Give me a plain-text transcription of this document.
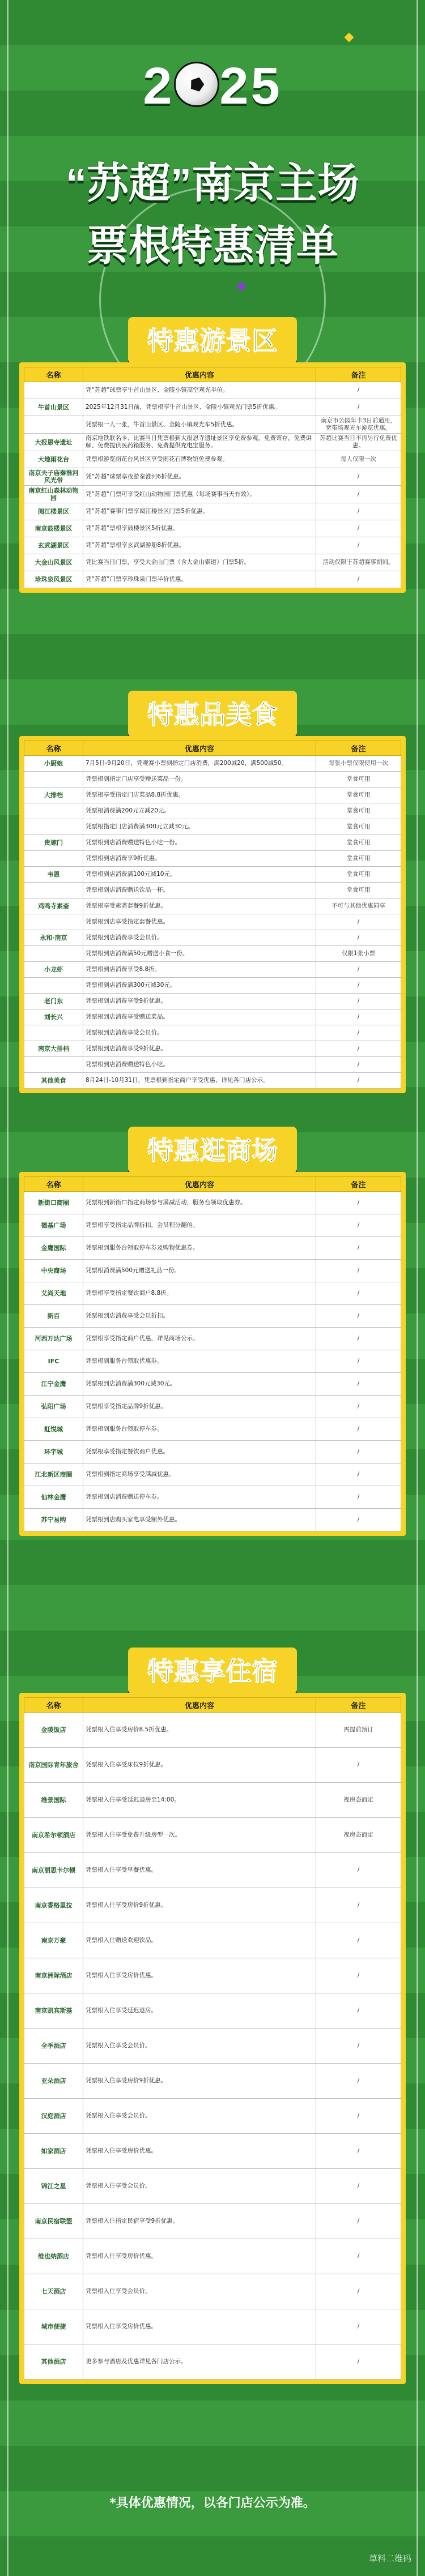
2 25
“苏超”南京主场
票根特惠清单
特惠游景区
名称	优惠内容	备注
	凭“苏超”球票享牛首山景区、金陵小镇高空观光半价。	/
牛首山景区	2025年12月31日前，凭票根享牛首山景区、金陵小镇观光门票5折优惠。	/
	凭票根一人一张，牛首山景区、金陵小镇观光车5折优惠。	南京市公园年卡3日前通用，宽带场观光车游览优惠。
大报恩寺遗址	南京地铁联名卡、比赛当日凭票根到大报恩寺遗址景区享免费参观，免费寄存，免费讲解、免费提供医药箱服务、免费提供充电宝服务。	苏超比赛当日不再另行免费优惠。
大地雨花台	凭票根游览雨花台风景区享受雨花石博物馆免费参观。	每人仅限一次
南京夫子庙秦淮河风光带	凭“苏超”球票享夜游秦淮河6折优惠。	/
南京红山森林动物园	凭“苏超”门票可享受红山动物园门票优惠（每场赛事当天有效）。	/
阅江楼景区	凭“苏超”赛事门票享阅江楼景区门票5折优惠。	/
南京鼓楼景区	凭“苏超”票根享鼓楼景区5折优惠。	/
玄武湖景区	凭“苏超”票根享玄武湖游船8折优惠。	/
大金山风景区	凭比赛当日门票，享受大金山门票（含大金山索道）门票5折。	活动仅限于苏超赛事期间。
珍珠泉风景区	凭“苏超”门票享珍珠泉门票半价优惠。	/
特惠品美食
名称	优惠内容	备注
小厨娘	7月5日-9月20日，凭观赛小票到指定门店消费，满200减20，满500减50。	每张小票仅限使用一次
	凭票根到指定门店享受赠送菜品一份。	堂食可用
大排档	凭票根享受指定门店菜品8.8折优惠。	堂食可用
	凭票根消费满200元立减20元。	堂食可用
	凭票根指定门店消费满300元立减30元。	堂食可用
贵施门	凭票根到店消费赠送特色小吃一份。	堂食可用
	凭票根到店消费享9折优惠。	堂食可用
韦恩	凭票根到店消费满100元减10元。	堂食可用
	凭票根到店消费赠送饮品一杯。	堂食可用
鸡鸣寺素斋	凭票根享受素斋套餐9折优惠。	不可与其他优惠同享
	凭票根到店享受指定套餐优惠。	/
永和·南京	凭票根到店消费享受会员价。	/
	凭票根到店消费满50元赠送小食一份。	仅限1张小票
小龙虾	凭票根到店消费享受8.8折。	/
	凭票根到店消费满300元减30元。	/
老门东	凭票根到店消费享受9折优惠。	/
刘长兴	凭票根到店消费享受赠送菜品。	/
	凭票根到店消费享受会员价。	/
南京大排档	凭票根到店消费享受9折优惠。	/
	凭票根到店消费赠送特色小吃。	/
其他美食	8月24日-10月31日，凭票根到指定商户享受优惠，详见各门店公示。	/
特惠逛商场
名称	优惠内容	备注
新街口商圈	凭票根到新街口指定商场参与满减活动，服务台领取优惠券。	/
德基广场	凭票根享受指定品牌折扣，会员积分翻倍。	/
金鹰国际	凭票根到服务台领取停车券及购物优惠券。	/
中央商场	凭票根消费满500元赠送礼品一份。	/
艾尚天地	凭票根享受指定餐饮商户8.8折。	/
新百	凭票根到店消费享受会员折扣。	/
河西万达广场	凭票根享受指定商户优惠，详见商场公示。	/
IFC	凭票根到服务台领取优惠券。	/
江宁金鹰	凭票根到店消费满300元减30元。	/
弘阳广场	凭票根享受指定品牌9折优惠。	/
虹悦城	凭票根到服务台领取停车券。	/
环宇城	凭票根享受指定餐饮商户优惠。	/
江北新区商圈	凭票根到指定商场享受满减优惠。	/
仙林金鹰	凭票根到店消费赠送停车券。	/
苏宁易购	凭票根到店购买家电享受额外优惠。	/
特惠享住宿
名称	优惠内容	备注
金陵饭店	凭票根入住享受房价8.5折优惠。	需提前预订
南京国际青年旅舍	凭票根入住享受床位9折优惠。	/
维景国际	凭票根入住享受延迟退房至14:00。	视房态而定
南京希尔顿酒店	凭票根入住享受免费升级房型一次。	视房态而定
南京丽思卡尔顿	凭票根入住享受早餐优惠。	/
南京香格里拉	凭票根入住享受房价9折优惠。	/
南京万豪	凭票根入住赠送欢迎饮品。	/
南京洲际酒店	凭票根入住享受房价优惠。	/
南京凯宾斯基	凭票根入住享受延迟退房。	/
全季酒店	凭票根入住享受会员价。	/
亚朵酒店	凭票根入住享受房价9折优惠。	/
汉庭酒店	凭票根入住享受会员价。	/
如家酒店	凭票根入住享受房价优惠。	/
锦江之星	凭票根入住享受会员价。	/
南京民宿联盟	凭票根入住指定民宿享受9折优惠。	/
维也纳酒店	凭票根入住享受房价优惠。	/
七天酒店	凭票根入住享受会员价。	/
城市便捷	凭票根入住享受房价优惠。	/
其他酒店	更多参与酒店及优惠详见各门店公示。	/
*具体优惠情况，以各门店公示为准。
草料二维码
